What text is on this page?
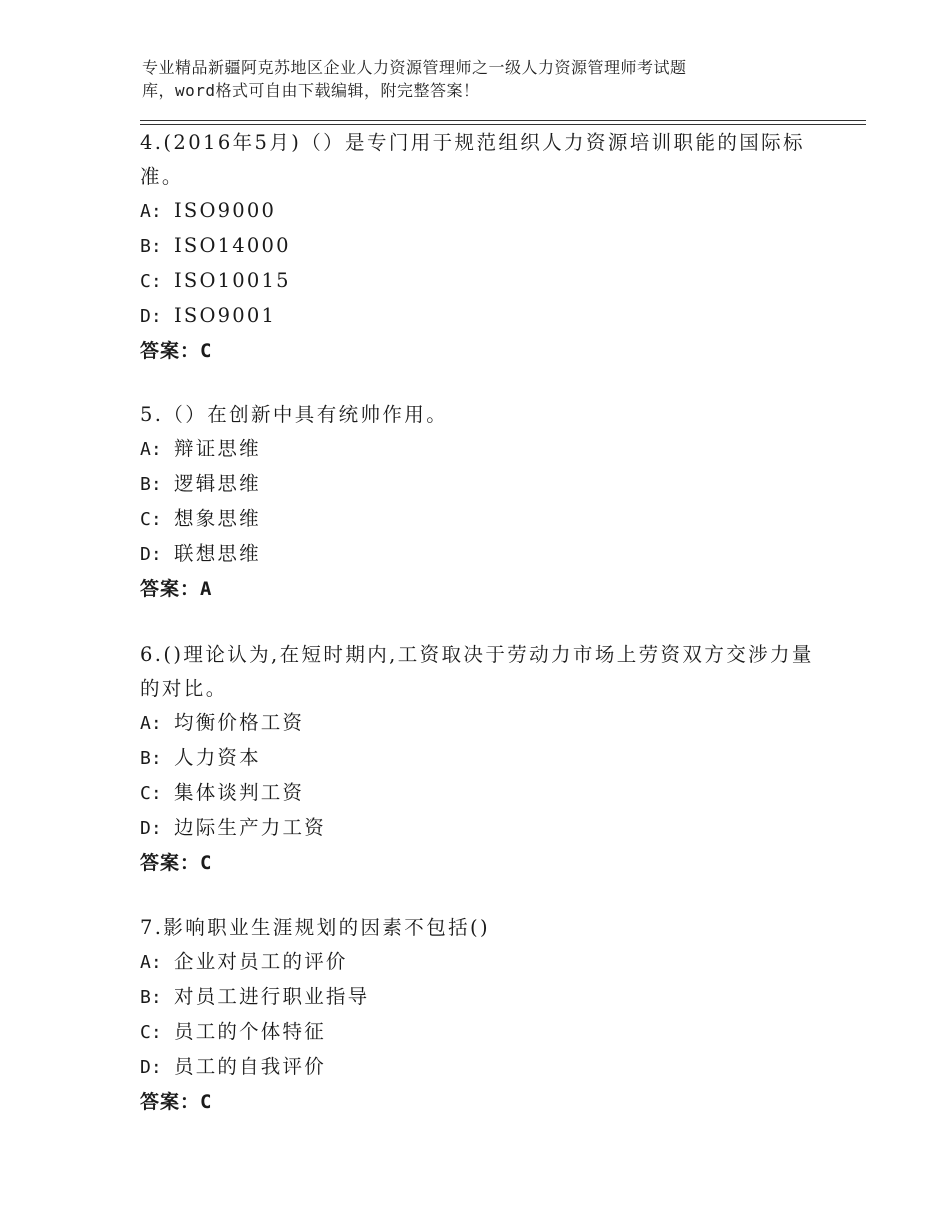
专业精品新疆阿克苏地区企业人力资源管理师之一级人力资源管理师考试题
库，word格式可自由下载编辑，附完整答案！

4.(2016年5月)（）是专门用于规范组织人力资源培训职能的国际标准。

A: ISO9000

B: ISO14000

C: ISO10015

D: ISO9001

答案：C

5.（）在创新中具有统帅作用。

A: 辩证思维

B: 逻辑思维

C: 想象思维

D: 联想思维

答案：A

6.()理论认为,在短时期内,工资取决于劳动力市场上劳资双方交涉力量的对比。

A: 均衡价格工资

B: 人力资本

C: 集体谈判工资

D: 边际生产力工资

答案：C

7.影响职业生涯规划的因素不包括()

A: 企业对员工的评价

B: 对员工进行职业指导

C: 员工的个体特征

D: 员工的自我评价

答案：C
